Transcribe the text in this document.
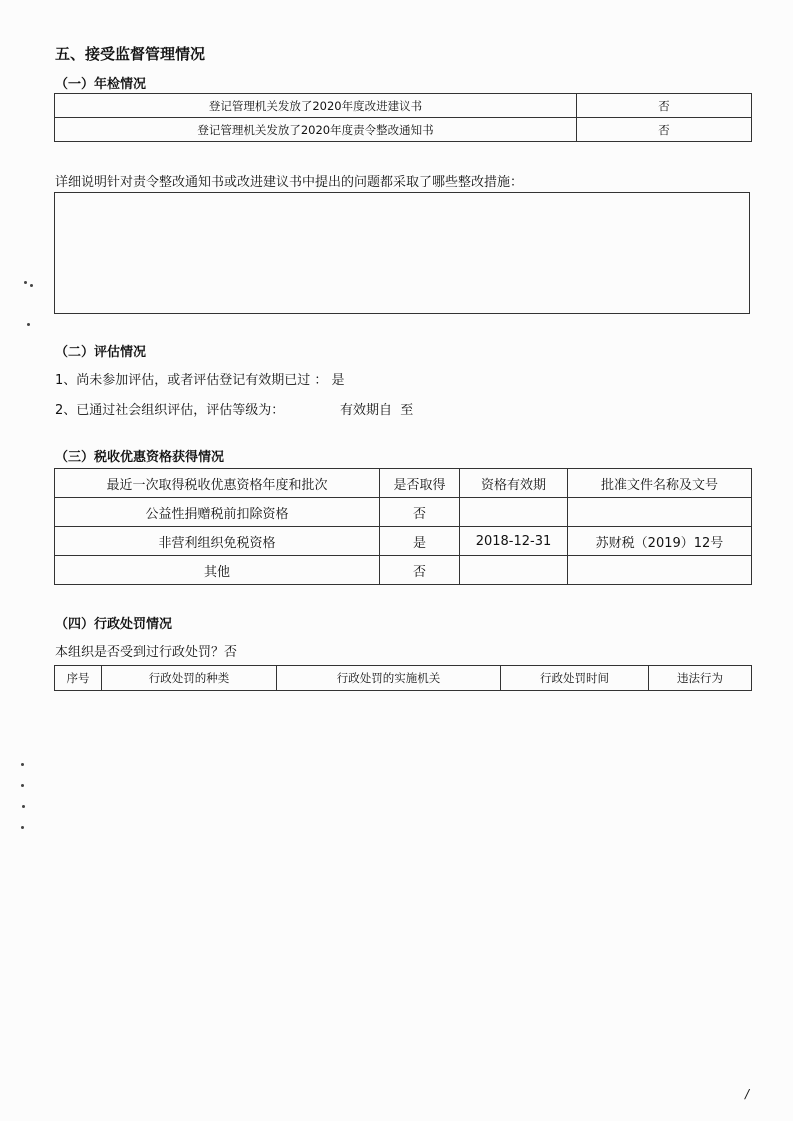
五、接受监督管理情况
（一）年检情况
登记管理机关发放了2020年度改进建议书	否
登记管理机关发放了2020年度责令整改通知书	否
详细说明针对责令整改通知书或改进建议书中提出的问题都采取了哪些整改措施：
（二）评估情况
1、尚未参加评估，或者评估登记有效期已过 ： 是
2、已通过社会组织评估，评估等级为：	有效期自  至
（三）税收优惠资格获得情况
最近一次取得税收优惠资格年度和批次	是否取得	资格有效期	批准文件名称及文号
公益性捐赠税前扣除资格	否		
非营利组织免税资格	是	2018-12-31	苏财税（2019）12号
其他	否		
（四）行政处罚情况
本组织是否受到过行政处罚？否
序号	行政处罚的种类	行政处罚的实施机关	行政处罚时间	违法行为
/
